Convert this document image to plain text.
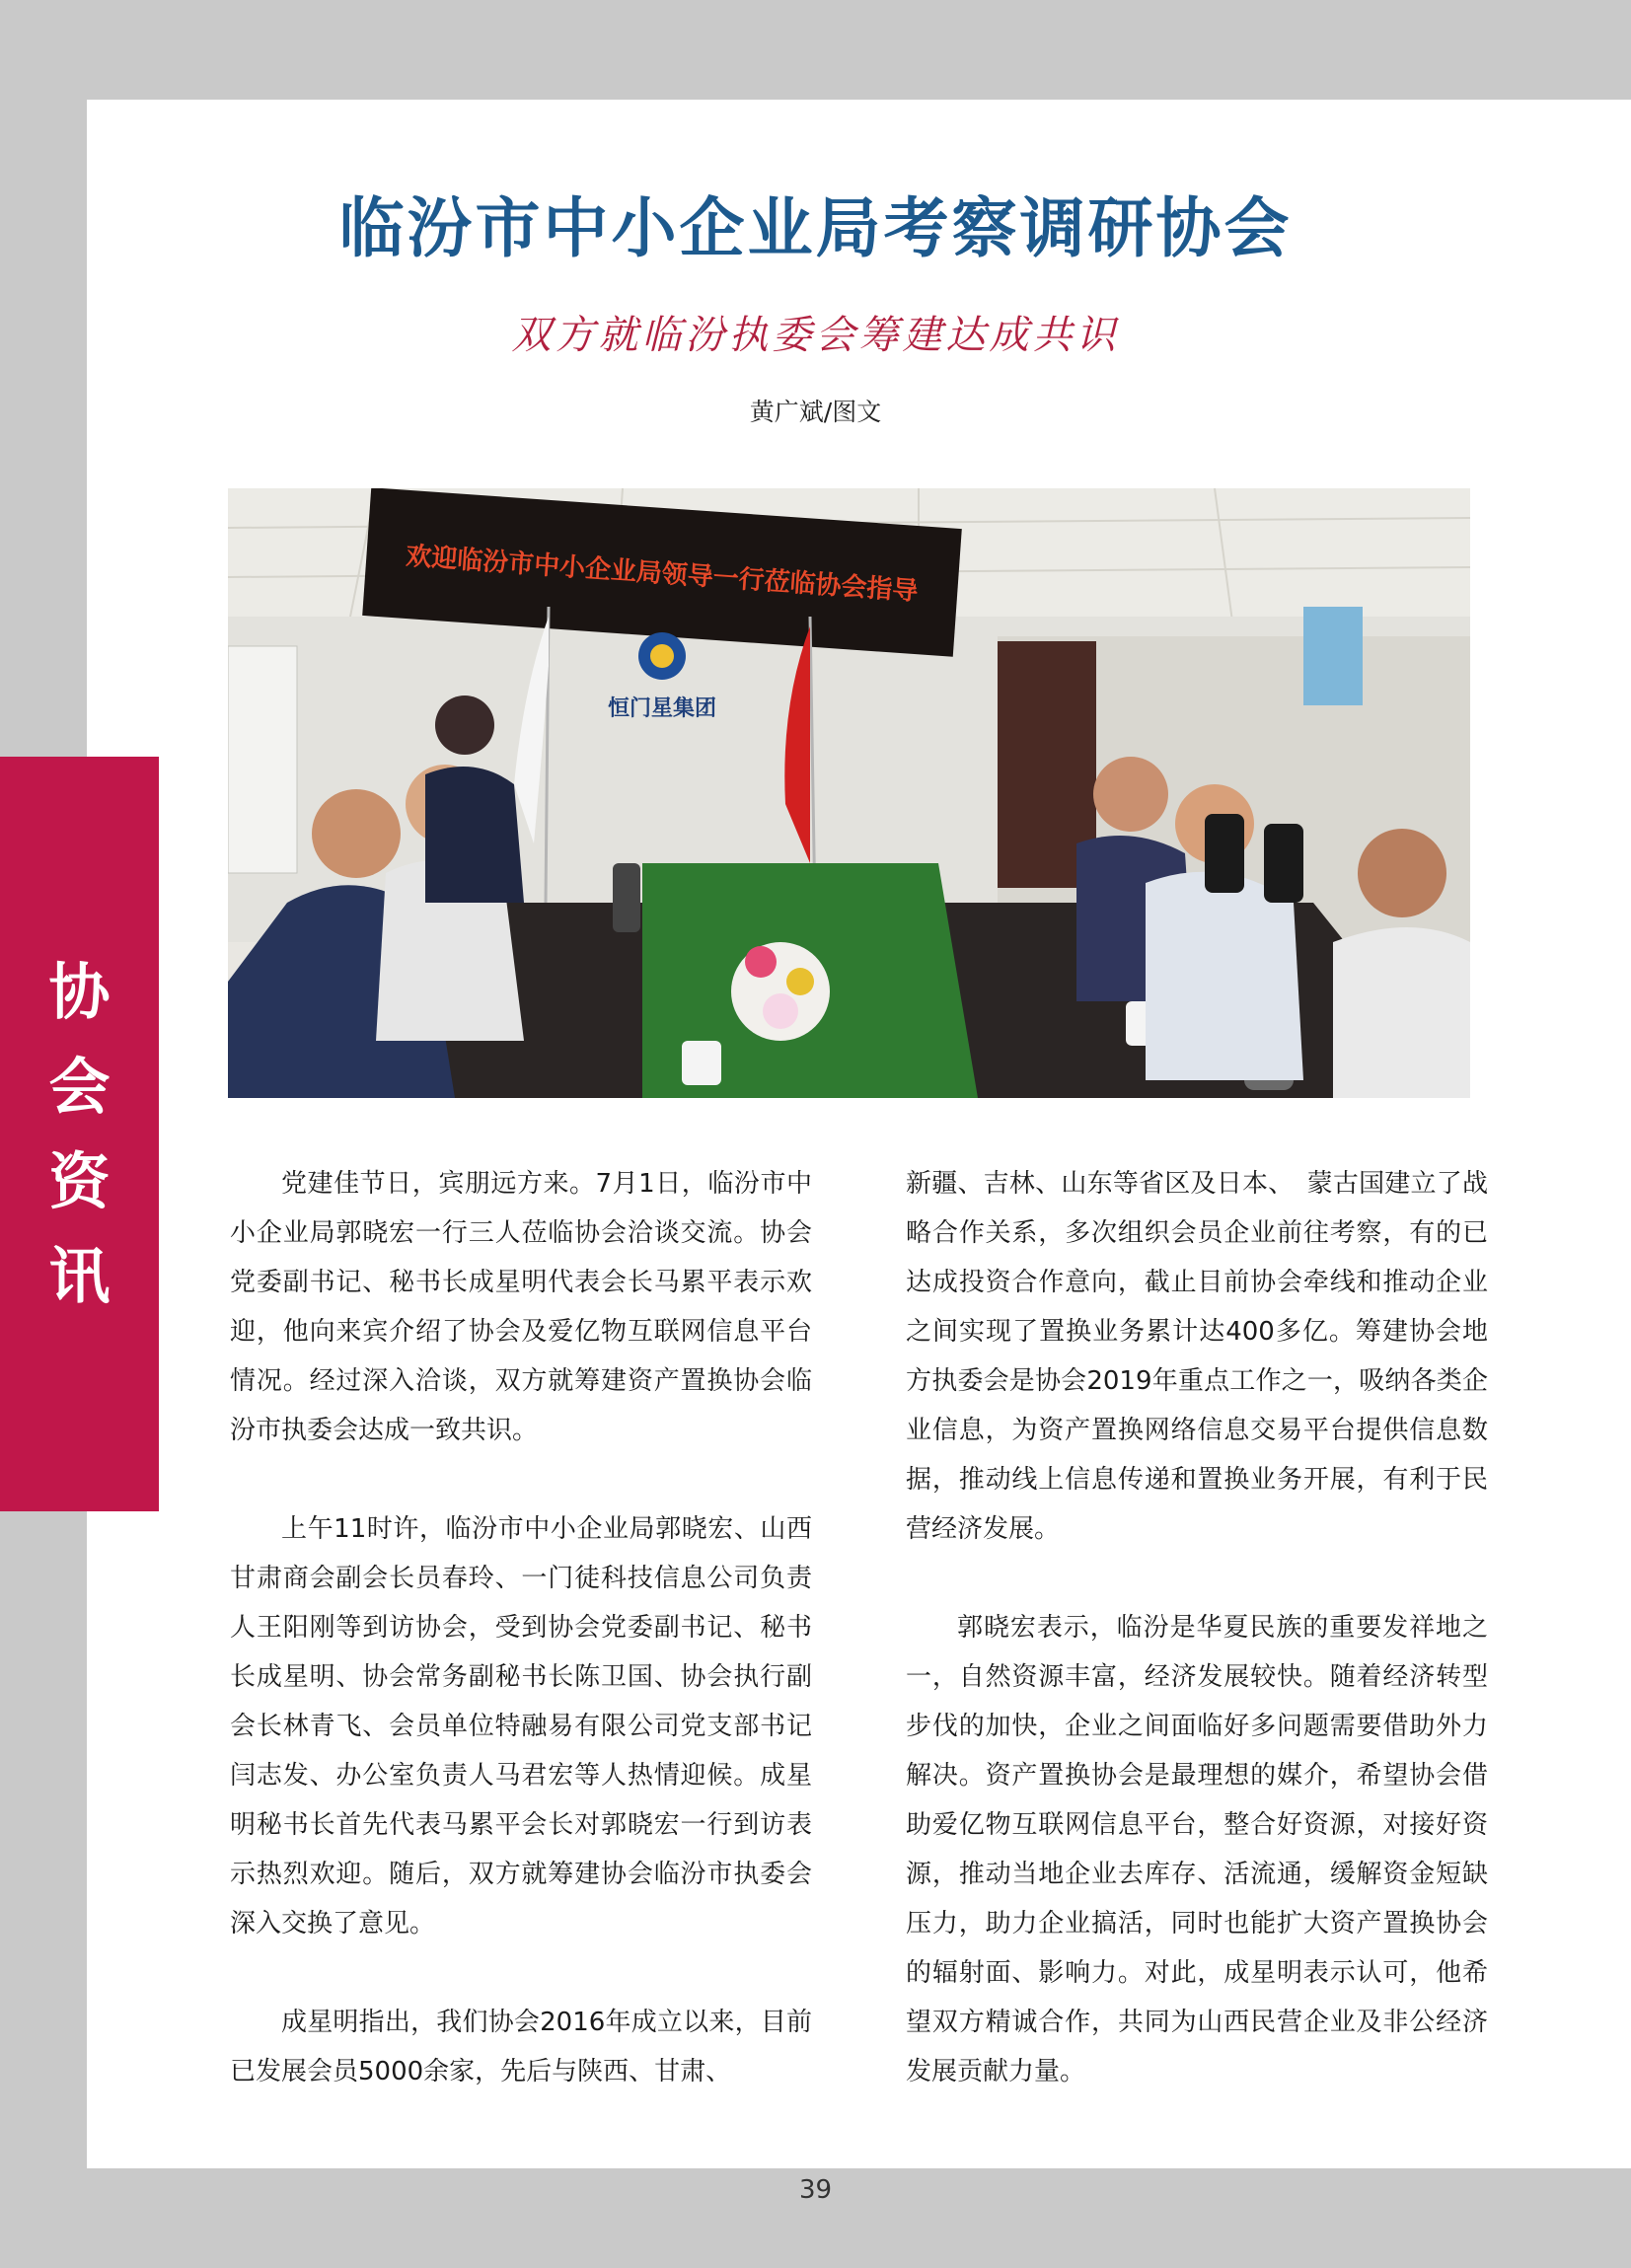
协
会
资
讯
临汾市中小企业局考察调研协会
双方就临汾执委会筹建达成共识
黄广斌/图文
欢迎临汾市中小企业局领导一行莅临协会指导
恒门星集团

党建佳节日，宾朋远方来。7月1日，临汾市中小企业局郭晓宏一行三人莅临协会洽谈交流。协会党委副书记、秘书长成星明代表会长马累平表示欢迎，他向来宾介绍了协会及爱亿物互联网信息平台情况。经过深入洽谈，双方就筹建资产置换协会临汾市执委会达成一致共识。

上午11时许，临汾市中小企业局郭晓宏、山西甘肃商会副会长员春玲、一门徒科技信息公司负责人王阳刚等到访协会，受到协会党委副书记、秘书长成星明、协会常务副秘书长陈卫国、协会执行副会长林青飞、会员单位特融易有限公司党支部书记闫志发、办公室负责人马君宏等人热情迎候。成星明秘书长首先代表马累平会长对郭晓宏一行到访表示热烈欢迎。随后，双方就筹建协会临汾市执委会深入交换了意见。

成星明指出，我们协会2016年成立以来，目前已发展会员5000余家，先后与陕西、甘肃、

新疆、吉林、山东等省区及日本、　蒙古国建立了战略合作关系，多次组织会员企业前往考察，有的已达成投资合作意向，截止目前协会牵线和推动企业之间实现了置换业务累计达400多亿。筹建协会地方执委会是协会2019年重点工作之一，吸纳各类企业信息，为资产置换网络信息交易平台提供信息数据，推动线上信息传递和置换业务开展，有利于民营经济发展。

郭晓宏表示，临汾是华夏民族的重要发祥地之一，自然资源丰富，经济发展较快。随着经济转型步伐的加快，企业之间面临好多问题需要借助外力解决。资产置换协会是最理想的媒介，希望协会借助爱亿物互联网信息平台，整合好资源，对接好资源，推动当地企业去库存、活流通，缓解资金短缺压力，助力企业搞活，同时也能扩大资产置换协会的辐射面、影响力。对此，成星明表示认可，他希望双方精诚合作，共同为山西民营企业及非公经济发展贡献力量。

39
